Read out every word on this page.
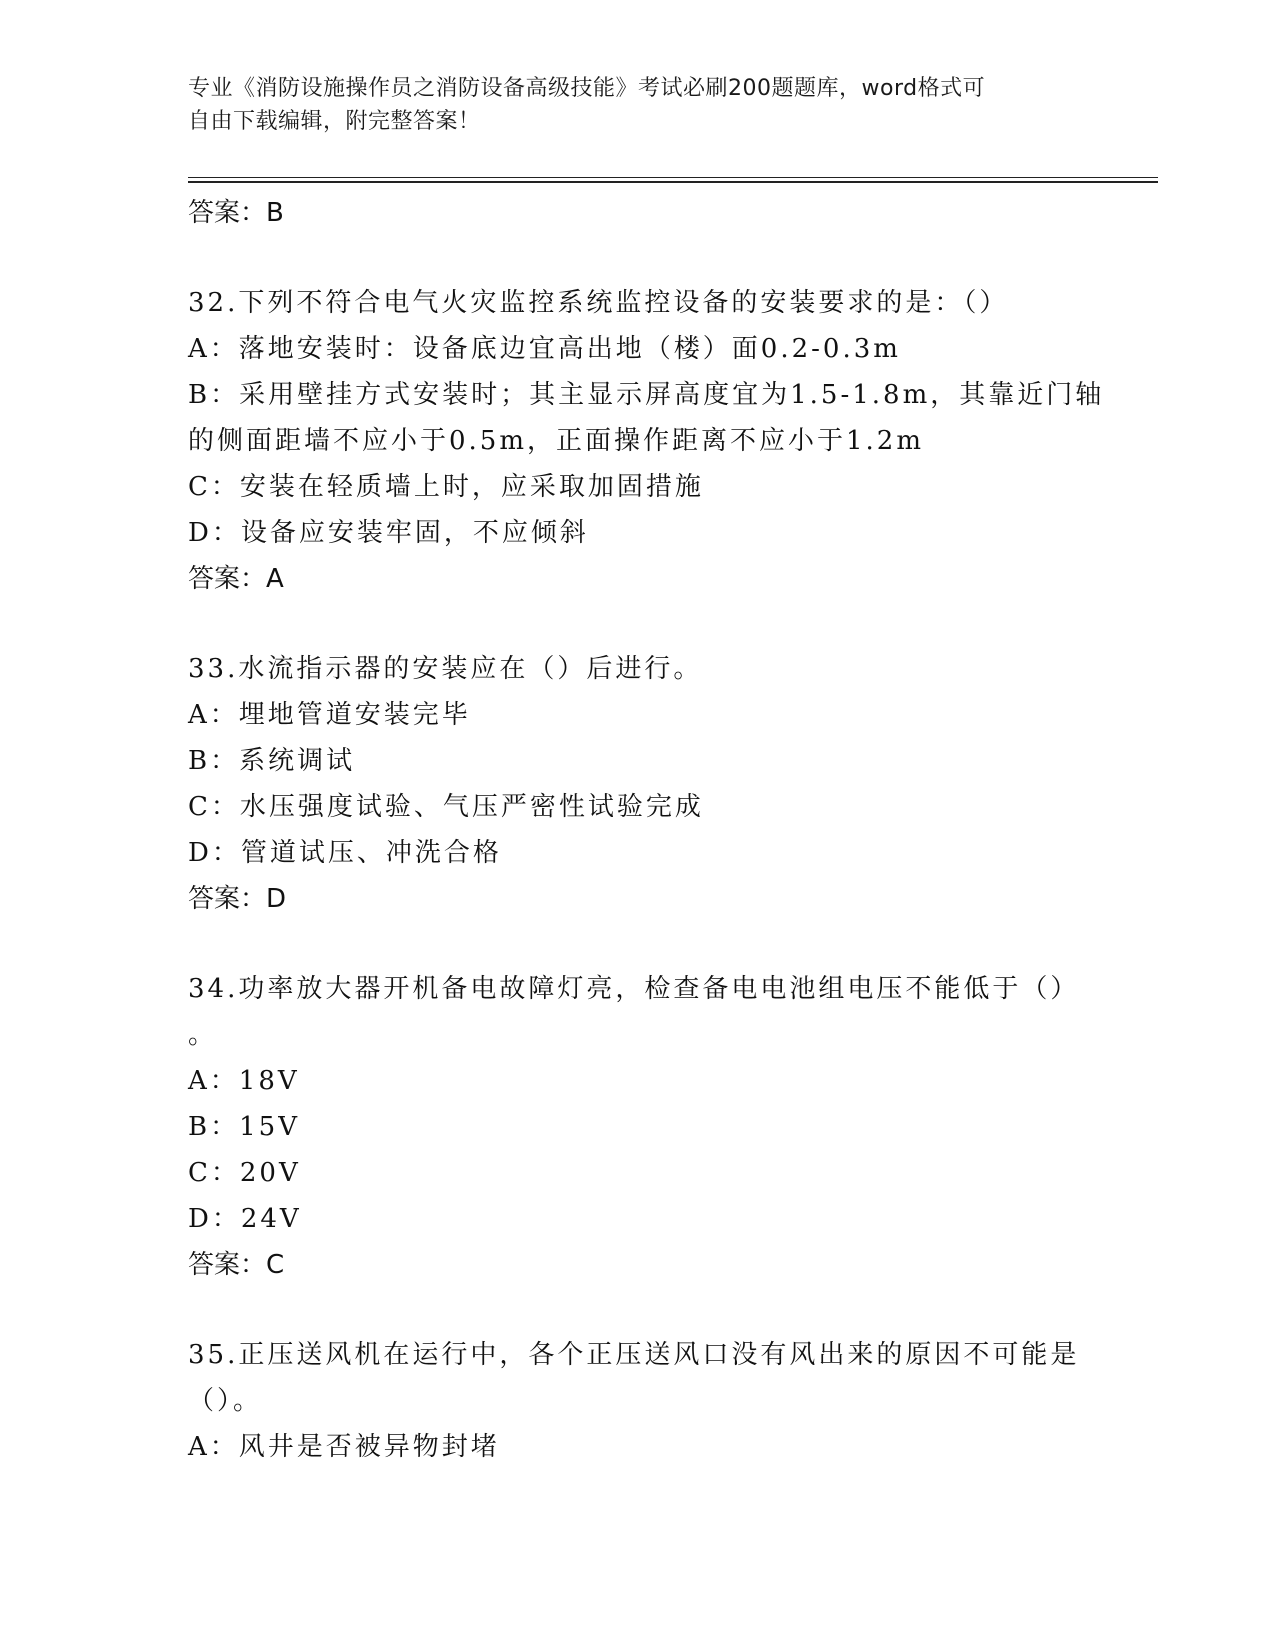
专业《消防设施操作员之消防设备高级技能》考试必刷200题题库，word格式可
自由下载编辑，附完整答案！
答案：B
32.下列不符合电气火灾监控系统监控设备的安装要求的是：（）
A：落地安装时：设备底边宜高出地（楼）面0.2-0.3m
B：采用壁挂方式安装时；其主显示屏高度宜为1.5-1.8m，其靠近门轴
的侧面距墙不应小于0.5m，正面操作距离不应小于1.2m
C：安装在轻质墙上时，应采取加固措施
D：设备应安装牢固，不应倾斜
答案：A
33.水流指示器的安装应在（）后进行。
A：埋地管道安装完毕
B：系统调试
C：水压强度试验、气压严密性试验完成
D：管道试压、冲洗合格
答案：D
34.功率放大器开机备电故障灯亮，检查备电电池组电压不能低于（）
。
A：18V
B：15V
C：20V
D：24V
答案：C
35.正压送风机在运行中，各个正压送风口没有风出来的原因不可能是
（）。
A：风井是否被异物封堵
